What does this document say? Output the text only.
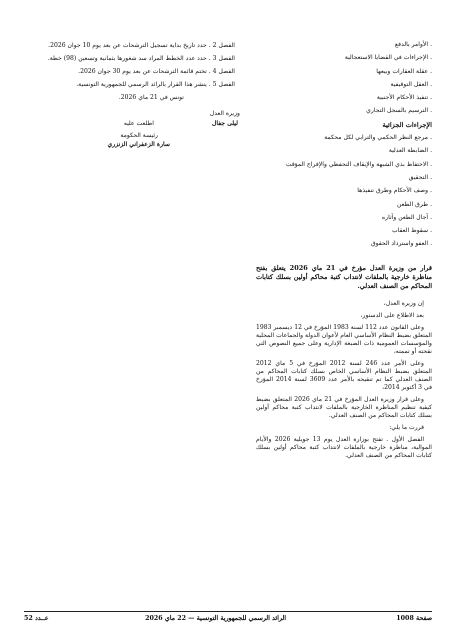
. الأوامر بالدفع
. الإجراءات في القضايا الاستعجالية
. عقلة العقارات وبيعها
. العقل التوقيفية
. تنفيذ الأحكام الأجنبية
. الترسيم بالسجل التجاري
الإجراءات الجزائية
. مرجع النظر الحكمي والترابي لكل محكمة
. الضابطة العدلية
. الاحتفاظ بذي الشبهة والإيقاف التحفظي والإفراج المؤقت
. التحقيق
. وصف الأحكام وطرق تنفيذها
. طرق الطعن
. آجال الطعن وآثاره
. سقوط العقاب
. العفو واسترداد الحقوق
قرار من وزيرة العدل مؤرخ في 21 ماي 2026 يتعلق بفتح مناظرة خارجية بالملفات لانتداب كتبة محاكم أولين بسلك كتابات المحاكم من الصنف العدلي.
إن وزيرة العدل،
بعد الاطلاع على الدستور،
وعلى القانون عدد 112 لسنة 1983 المؤرخ في 12 ديسمبر 1983 المتعلق بضبط النظام الأساسي العام لأعوان الدولة والجماعات المحلية والمؤسسات العمومية ذات الصبغة الإدارية وعلى جميع النصوص التي نقحته أو تممته،
وعلى الأمر عدد 246 لسنة 2012 المؤرخ في 5 ماي 2012 المتعلق بضبط النظام الأساسي الخاص بسلك كتابات المحاكم من الصنف العدلي كما تم تنقيحه بالأمر عدد 3609 لسنة 2014 المؤرخ في 3 أكتوبر 2014،
وعلى قرار وزيرة العدل المؤرخ في 21 ماي 2026 المتعلق بضبط كيفية تنظيم المناظرة الخارجية بالملفات لانتداب كتبة محاكم أولين بسلك كتابات المحاكم من الصنف العدلي.
قررت ما يلي:
الفصل الأول . تفتح بوزارة العدل يوم 13 جويلية 2026 والأيام الموالية، مناظرة خارجية بالملفات لانتداب كتبة محاكم أولين بسلك كتابات المحاكم من الصنف العدلي.
الفصل 2 . حدد تاريخ بداية تسجيل الترشحات عن بعد يوم 10 جوان 2026.
الفصل 3 . حدد عدد الخطط المراد سد شغورها بثمانية وتسعين (98) خطة.
الفصل 4 . تختم قائمة الترشحات عن بعد يوم 30 جوان 2026.
الفصل 5 . ينشر هذا القرار بالرائد الرسمي للجمهورية التونسية.
تونس في 21 ماي 2026.
وزيرة العدل
ليلى جفال
اطلعت عليه
رئيسة الحكومة
سارة الزعفراني الزنزري
صفحة 1008
الرائد الرسمي للجمهورية التونسية — 22 ماي 2026
عــدد 52
